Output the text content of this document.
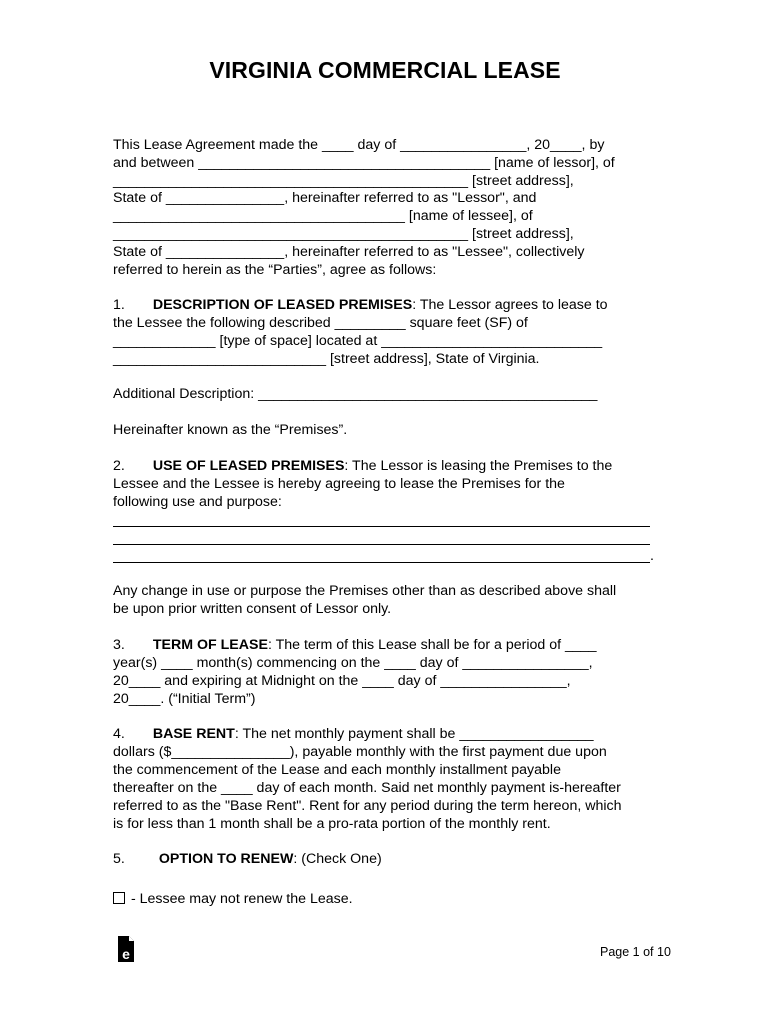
VIRGINIA COMMERCIAL LEASE
This Lease Agreement made the ____ day of ________________, 20____, by
and between _____________________________________ [name of lessor], of
_____________________________________________ [street address],
State of _______________, hereinafter referred to as "Lessor", and
_____________________________________ [name of lessee], of
_____________________________________________ [street address],
State of _______________, hereinafter referred to as "Lessee", collectively
referred to herein as the “Parties”, agree as follows:
1. DESCRIPTION OF LEASED PREMISES: The Lessor agrees to lease to
the Lessee the following described _________ square feet (SF) of
_____________ [type of space] located at ____________________________
___________________________ [street address], State of Virginia.
Additional Description: ___________________________________________
Hereinafter known as the “Premises”.
2. USE OF LEASED PREMISES: The Lessor is leasing the Premises to the
Lessee and the Lessee is hereby agreeing to lease the Premises for the
following use and purpose:
.
Any change in use or purpose the Premises other than as described above shall
be upon prior written consent of Lessor only.
3. TERM OF LEASE: The term of this Lease shall be for a period of ____
year(s) ____ month(s) commencing on the ____ day of ________________,
20____ and expiring at Midnight on the ____ day of ________________,
20____. (“Initial Term”)
4. BASE RENT: The net monthly payment shall be _________________
dollars ($_______________), payable monthly with the first payment due upon
the commencement of the Lease and each monthly installment payable
thereafter on the ____ day of each month. Said net monthly payment is-hereafter
referred to as the "Base Rent". Rent for any period during the term hereon, which
is for less than 1 month shall be a pro-rata portion of the monthly rent.
5. OPTION TO RENEW: (Check One)
- Lessee may not renew the Lease.
e	Page 1 of 10
